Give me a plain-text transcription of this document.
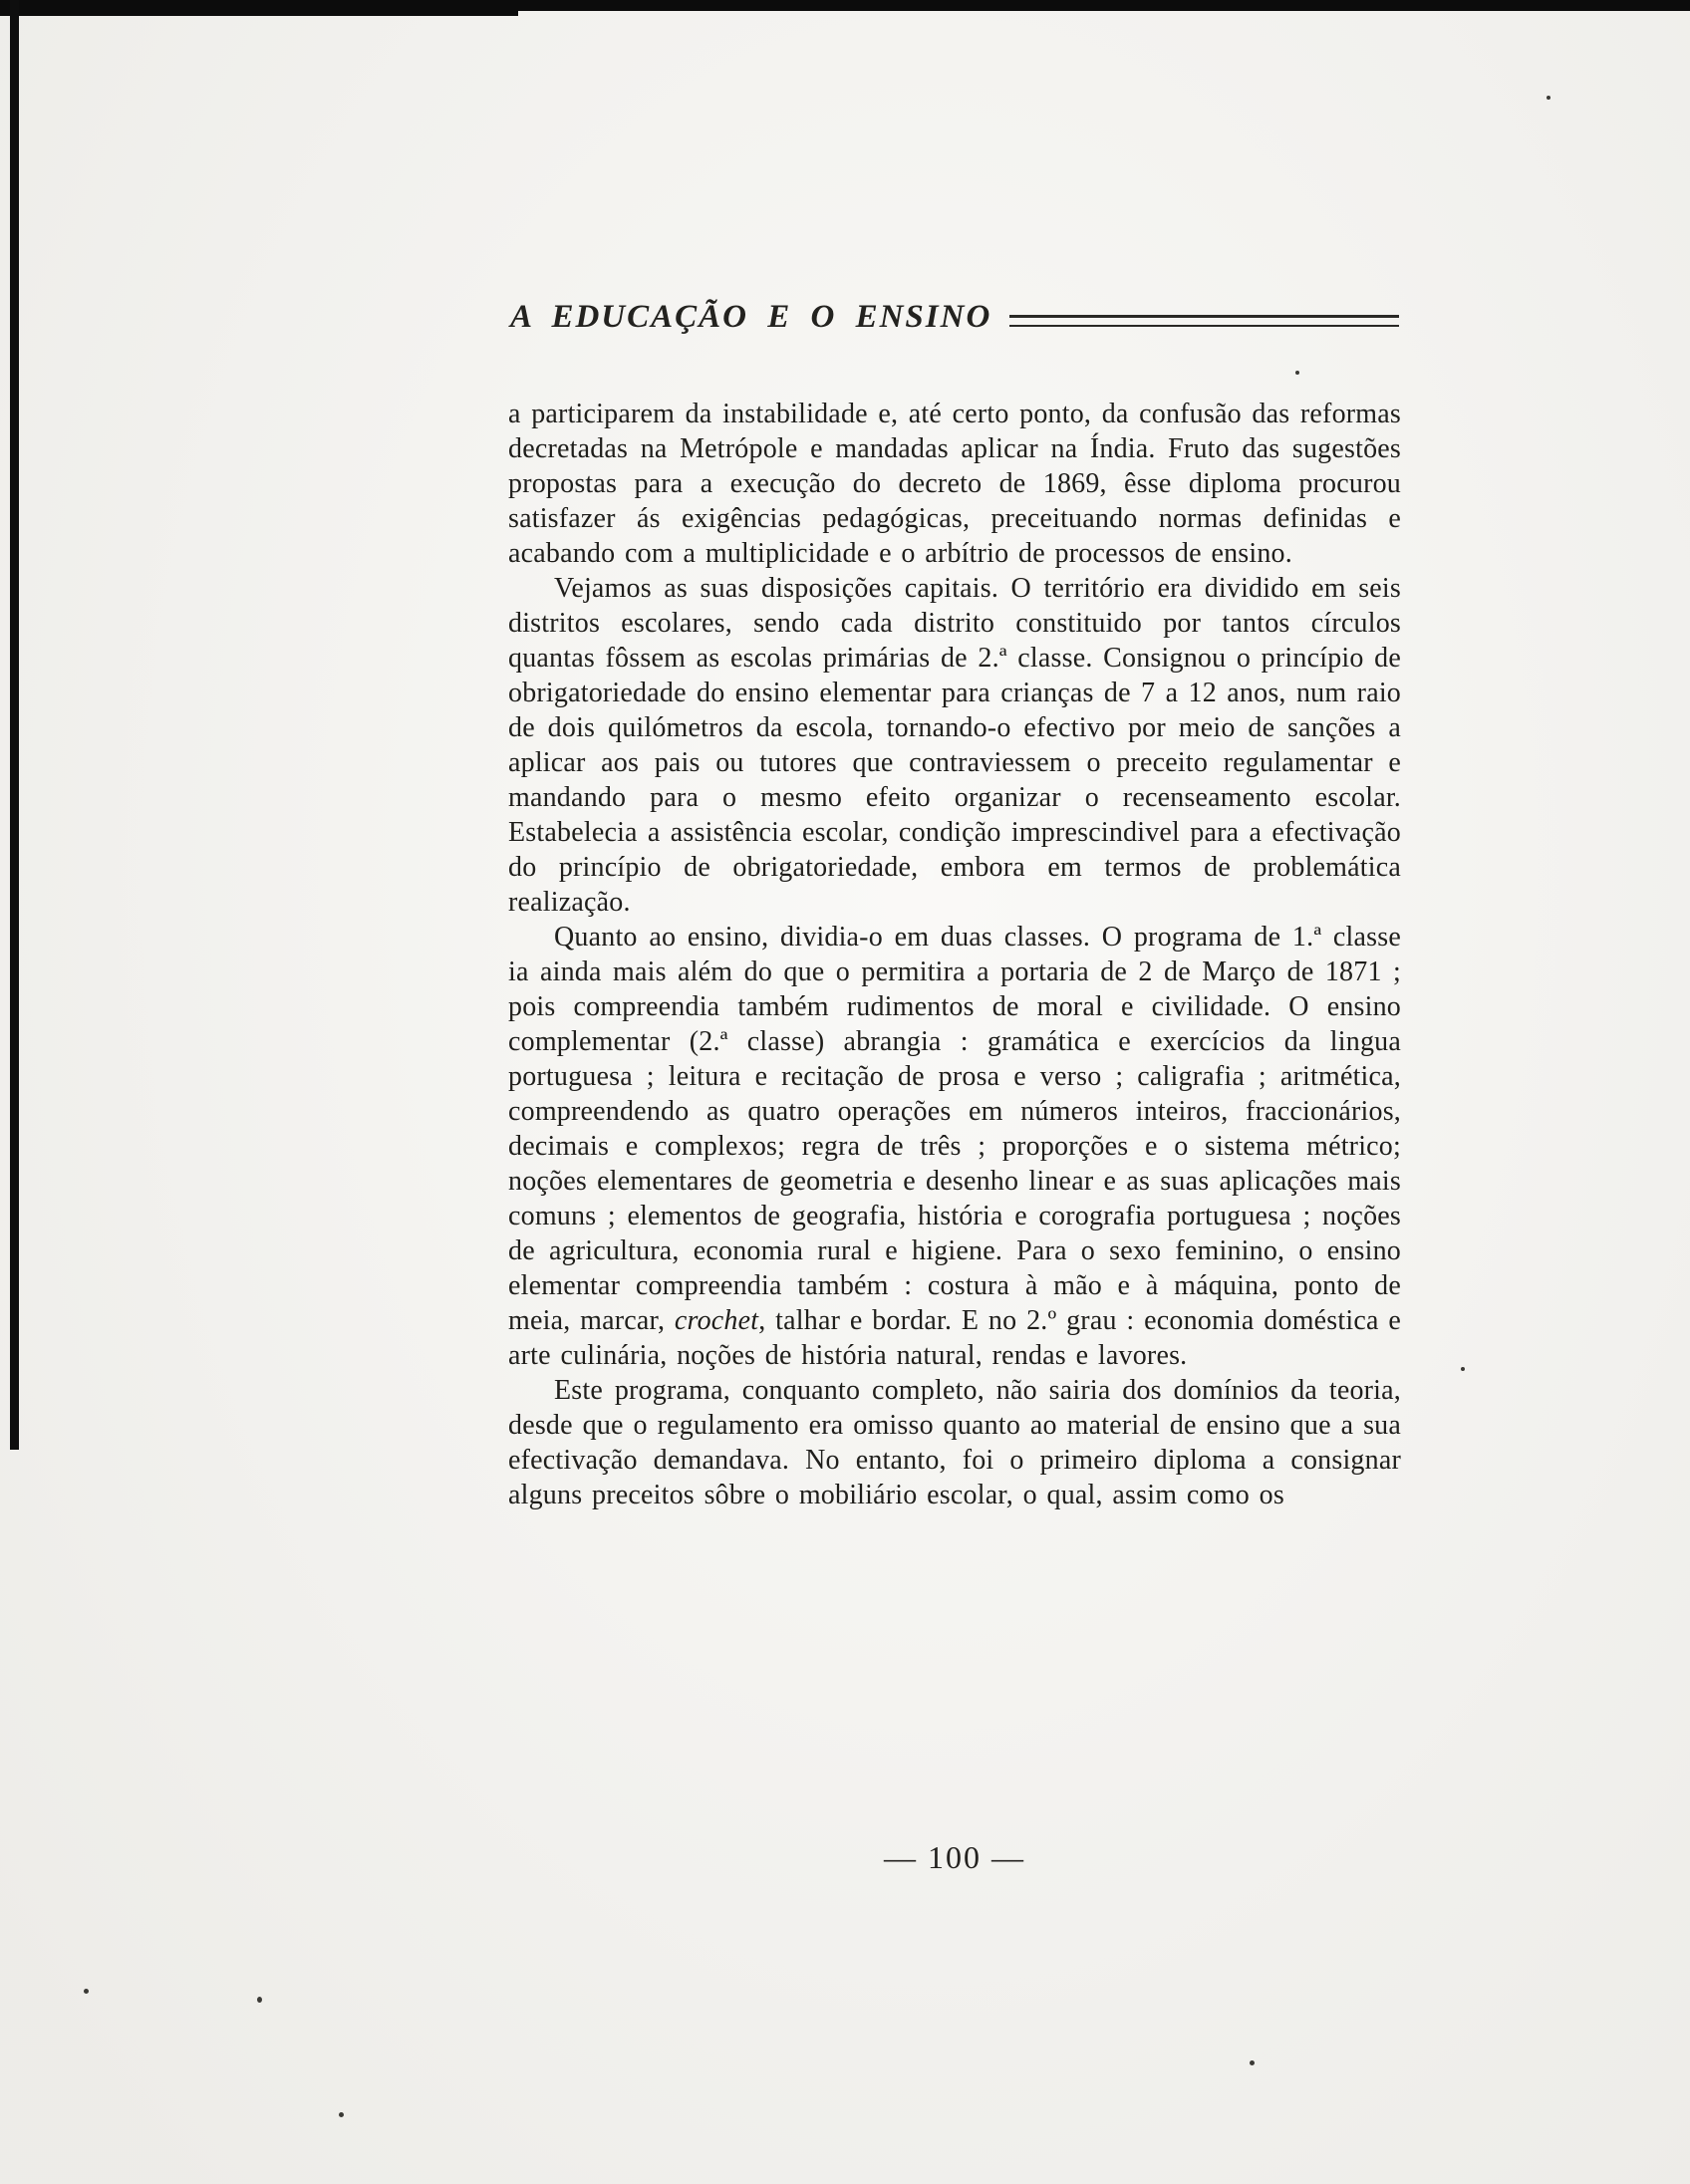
A EDUCAÇÃO E O ENSINO

a participarem da instabilidade e, até certo ponto, da confusão das reformas decretadas na Metrópole e mandadas aplicar na Índia. Fruto das sugestões propostas para a execução do decreto de 1869, êsse diploma procurou satisfazer ás exigências pedagógicas, preceituando normas definidas e acabando com a multiplicidade e o arbítrio de processos de ensino.

Vejamos as suas disposições capitais. O território era dividido em seis distritos escolares, sendo cada distrito constituido por tantos círculos quantas fôssem as escolas primárias de 2.ª classe. Consignou o princípio de obrigatoriedade do ensino elementar para crianças de 7 a 12 anos, num raio de dois quilómetros da escola, tornando-o efectivo por meio de sanções a aplicar aos pais ou tutores que contraviessem o preceito regulamentar e mandando para o mesmo efeito organizar o recenseamento escolar. Estabelecia a assistência escolar, condição imprescindivel para a efectivação do princípio de obrigatoriedade, embora em termos de problemática realização.

Quanto ao ensino, dividia-o em duas classes. O programa de 1.ª classe ia ainda mais além do que o permitira a portaria de 2 de Março de 1871 ; pois compreendia também rudimentos de moral e civilidade. O ensino complementar (2.ª classe) abrangia : gramática e exercícios da lingua portuguesa ; leitura e recitação de prosa e verso ; caligrafia ; aritmética, compreendendo as quatro operações em números inteiros, fraccionários, decimais e complexos; regra de três ; proporções e o sistema métrico; noções elementares de geometria e desenho linear e as suas aplicações mais comuns ; elementos de geografia, história e corografia portuguesa ; noções de agricultura, economia rural e higiene. Para o sexo feminino, o ensino elementar compreendia também : costura à mão e à máquina, ponto de meia, marcar, crochet, talhar e bordar. E no 2.º grau : economia doméstica e arte culinária, noções de história natural, rendas e lavores.

Este programa, conquanto completo, não sairia dos domínios da teoria, desde que o regulamento era omisso quanto ao material de ensino que a sua efectivação demandava. No entanto, foi o primeiro diploma a consignar alguns preceitos sôbre o mobiliário escolar, o qual, assim como os

— 100 —
